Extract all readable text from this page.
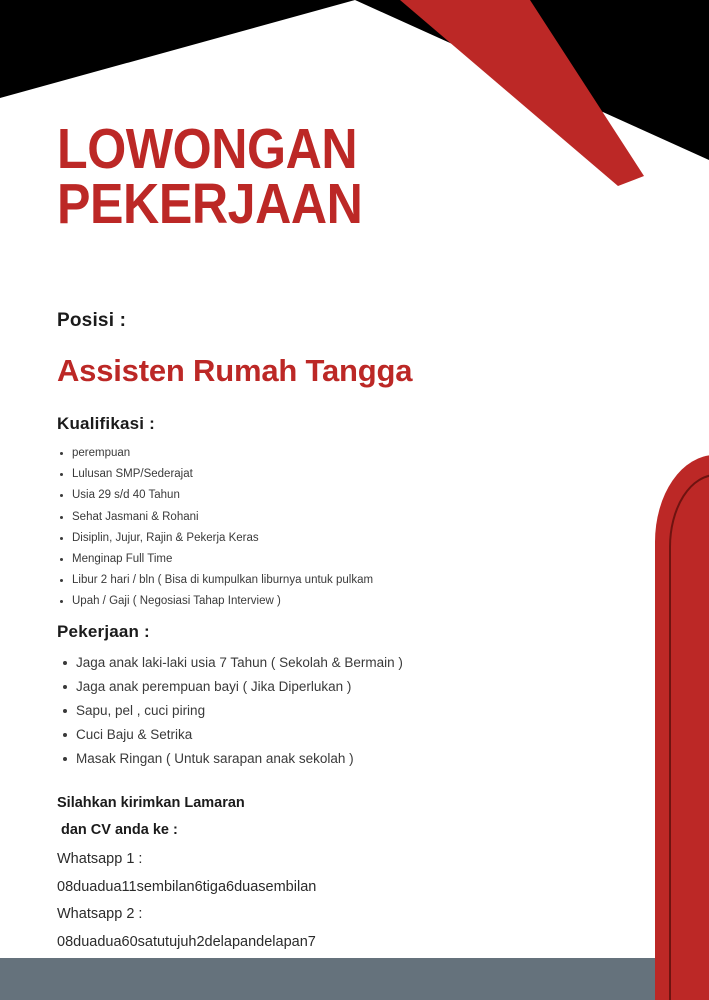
LOWONGAN
PEKERJAAN
Posisi :
Assisten Rumah Tangga
Kualifikasi :
perempuan
Lulusan SMP/Sederajat
Usia 29 s/d 40 Tahun
Sehat Jasmani & Rohani
Disiplin, Jujur, Rajin & Pekerja Keras
Menginap Full Time
Libur 2 hari / bln ( Bisa di kumpulkan liburnya untuk pulkam
Upah / Gaji ( Negosiasi Tahap Interview )
Pekerjaan :
Jaga anak laki-laki usia 7 Tahun ( Sekolah & Bermain )
Jaga anak perempuan bayi ( Jika Diperlukan )
Sapu, pel , cuci piring
Cuci Baju & Setrika
Masak Ringan ( Untuk sarapan anak sekolah )
Silahkan kirimkan Lamaran
dan CV anda ke :
Whatsapp 1 :
08duadua11sembilan6tiga6duasembilan
Whatsapp 2 :
08duadua60satutujuh2delapandelapan7
